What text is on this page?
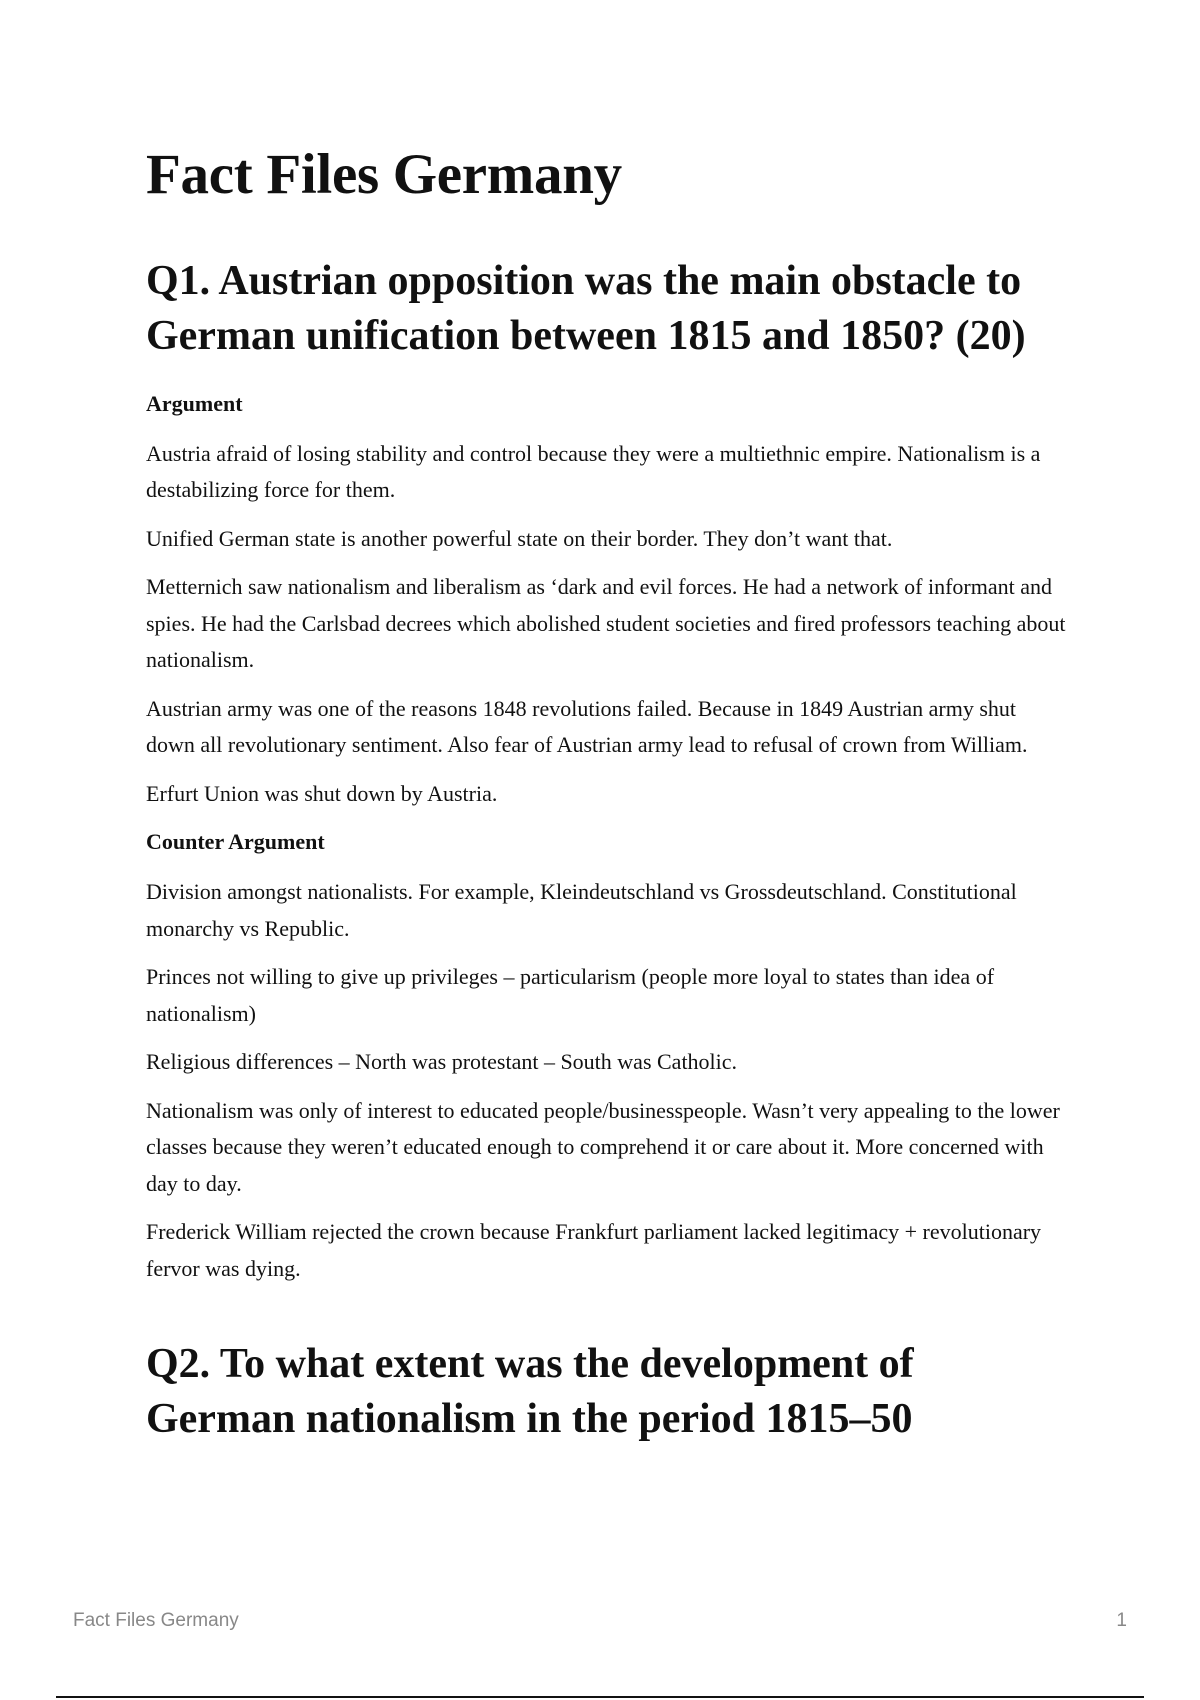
Fact Files Germany
Q1. Austrian opposition was the main obstacle to German unification between 1815 and 1850? (20)
Argument

Austria afraid of losing stability and control because they were a multiethnic empire. Nationalism is a destabilizing force for them.

Unified German state is another powerful state on their border. They don’t want that.

Metternich saw nationalism and liberalism as ‘dark and evil forces. He had a network of informant and spies. He had the Carlsbad decrees which abolished student societies and fired professors teaching about nationalism.

Austrian army was one of the reasons 1848 revolutions failed. Because in 1849 Austrian army shut down all revolutionary sentiment. Also fear of Austrian army lead to refusal of crown from William.

Erfurt Union was shut down by Austria.

Counter Argument

Division amongst nationalists. For example, Kleindeutschland vs Grossdeutschland. Constitutional monarchy vs Republic.

Princes not willing to give up privileges – particularism (people more loyal to states than idea of nationalism)

Religious differences – North was protestant – South was Catholic.

Nationalism was only of interest to educated people/businesspeople. Wasn’t very appealing to the lower classes because they weren’t educated enough to comprehend it or care about it. More concerned with day to day.

Frederick William rejected the crown because Frankfurt parliament lacked legitimacy + revolutionary fervor was dying.

Q2. To what extent was the development of German nationalism in the period 1815–50
Fact Files Germany	1
